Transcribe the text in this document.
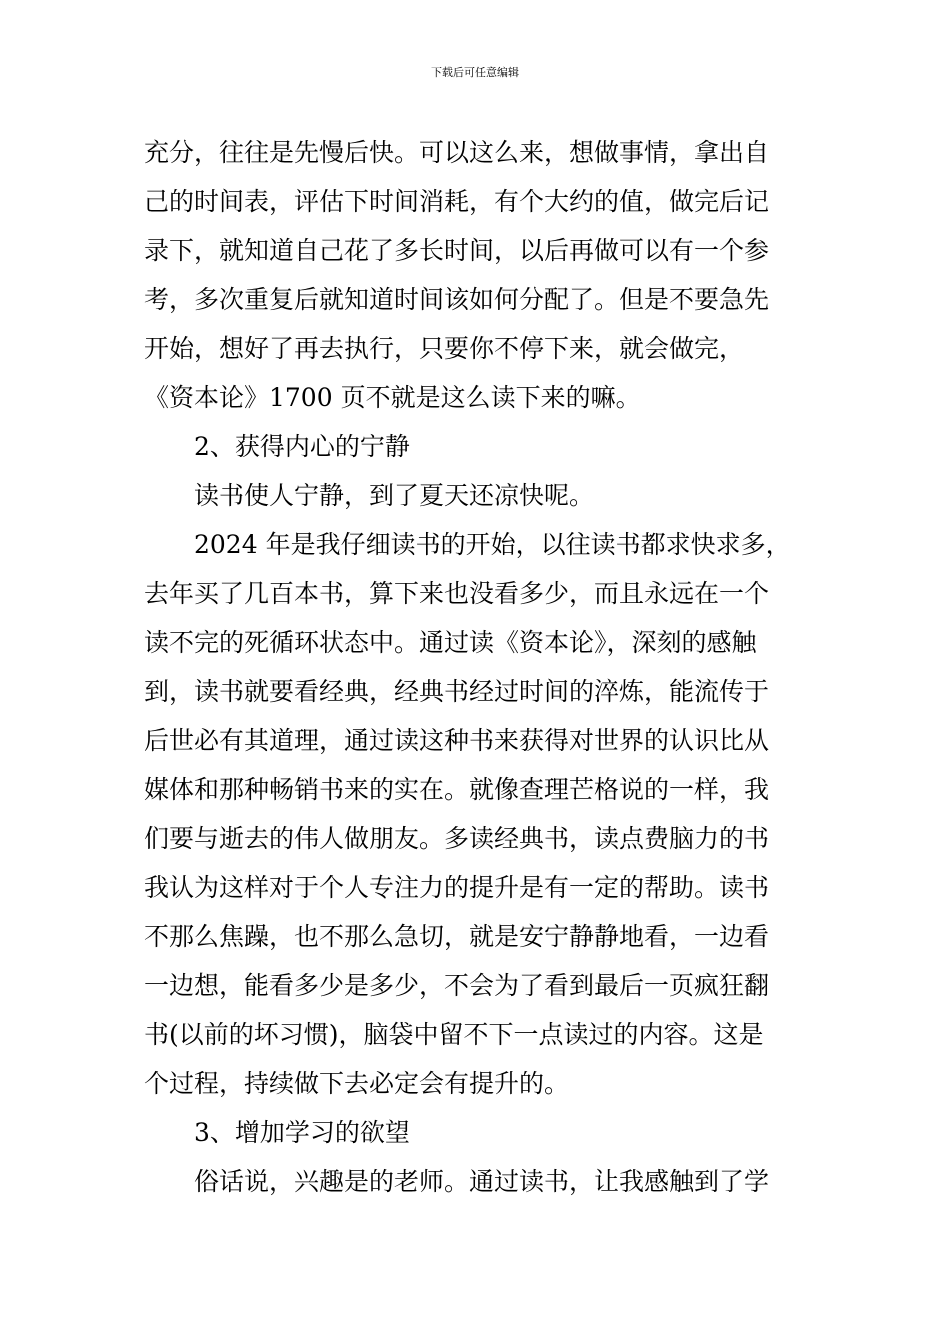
下载后可任意编辑
充分，往往是先慢后快。可以这么来，想做事情，拿出自
己的时间表，评估下时间消耗，有个大约的值，做完后记
录下，就知道自己花了多长时间，以后再做可以有一个参
考，多次重复后就知道时间该如何分配了。但是不要急先
开始，想好了再去执行，只要你不停下来，就会做完，
《资本论》1700 页不就是这么读下来的嘛。
2、获得内心的宁静
读书使人宁静，到了夏天还凉快呢。
2024 年是我仔细读书的开始，以往读书都求快求多，
去年买了几百本书，算下来也没看多少，而且永远在一个
读不完的死循环状态中。通过读《资本论》，深刻的感触
到，读书就要看经典，经典书经过时间的淬炼，能流传于
后世必有其道理，通过读这种书来获得对世界的认识比从
媒体和那种畅销书来的实在。就像查理芒格说的一样，我
们要与逝去的伟人做朋友。多读经典书，读点费脑力的书
我认为这样对于个人专注力的提升是有一定的帮助。读书
不那么焦躁，也不那么急切，就是安宁静静地看，一边看
一边想，能看多少是多少，不会为了看到最后一页疯狂翻
书(以前的坏习惯)，脑袋中留不下一点读过的内容。这是
个过程，持续做下去必定会有提升的。
3、增加学习的欲望
俗话说，兴趣是的老师。通过读书，让我感触到了学
